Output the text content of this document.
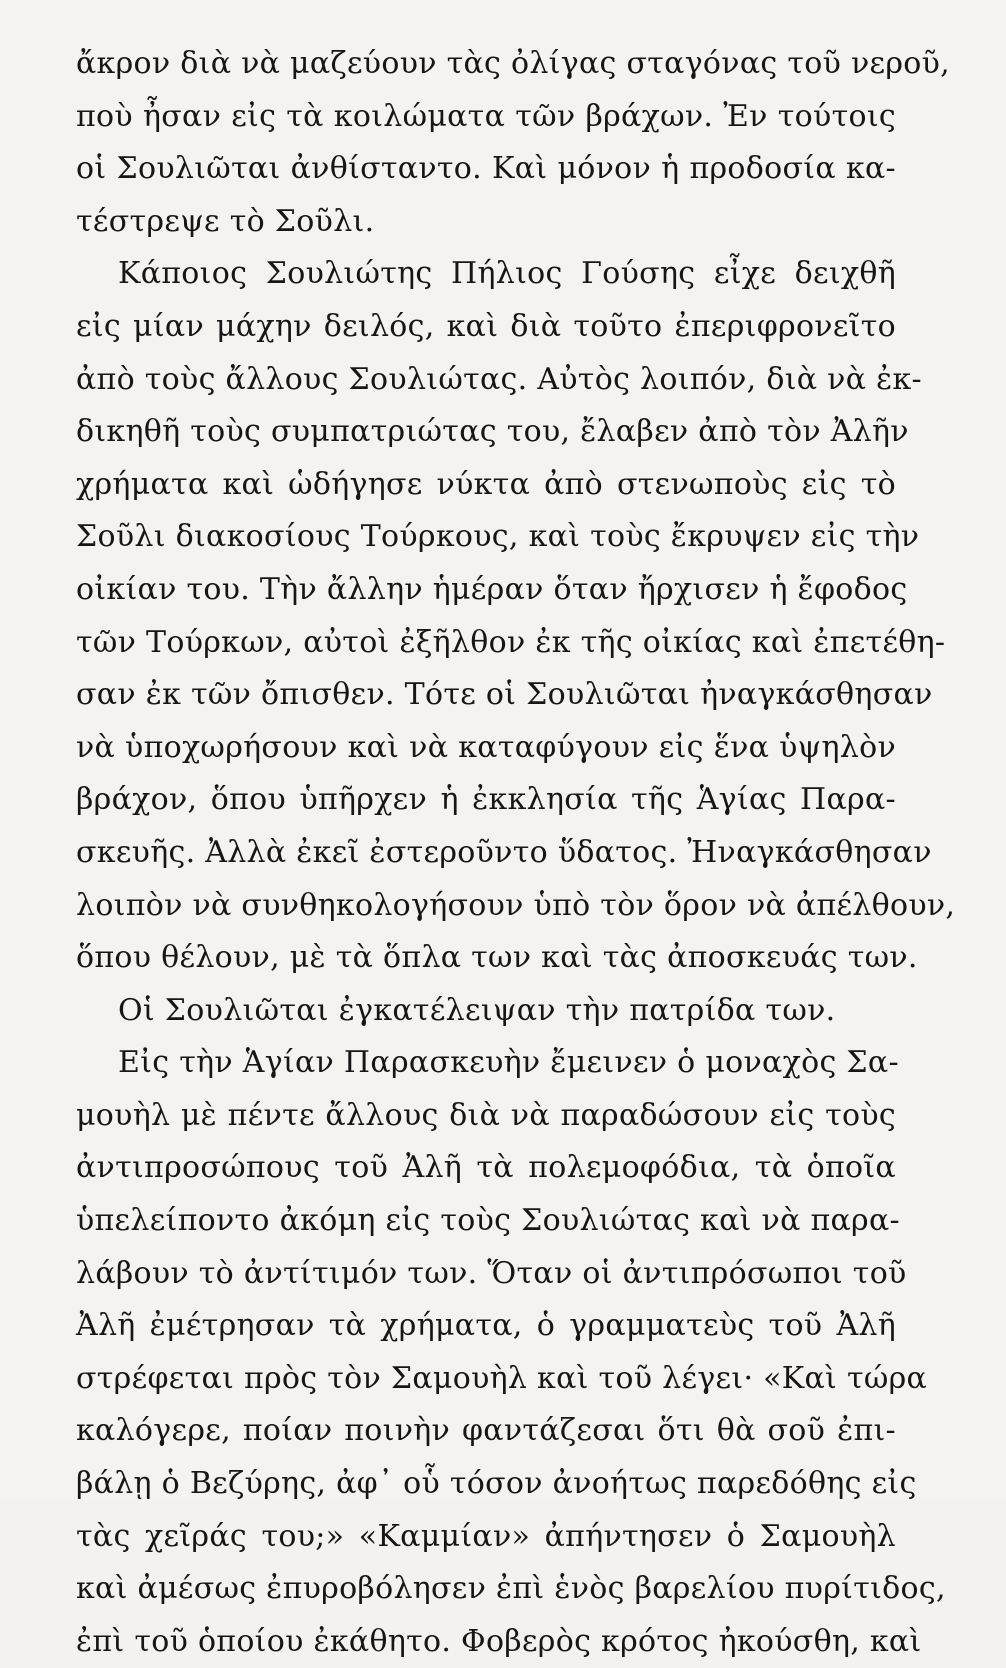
ἄκρον διὰ νὰ μαζεύουν τὰς ὀλίγας σταγόνας τοῦ νεροῦ,
ποὺ ἦσαν εἰς τὰ κοιλώματα τῶν βράχων. Ἐν τούτοις
οἱ Σουλιῶται ἀνθίσταντο. Καὶ μόνον ἡ προδοσία κα-
τέστρεψε τὸ Σοῦλι.
Κάποιος Σουλιώτης Πήλιος Γούσης εἶχε δειχθῆ
εἰς μίαν μάχην δειλός, καὶ διὰ τοῦτο ἐπεριφρονεῖτο
ἀπὸ τοὺς ἄλλους Σουλιώτας. Αὐτὸς λοιπόν, διὰ νὰ ἐκ-
δικηθῆ τοὺς συμπατριώτας του, ἔλαβεν ἀπὸ τὸν Ἀλῆν
χρήματα καὶ ὡδήγησε νύκτα ἀπὸ στενωποὺς εἰς τὸ
Σοῦλι διακοσίους Τούρκους, καὶ τοὺς ἔκρυψεν εἰς τὴν
οἰκίαν του. Τὴν ἄλλην ἡμέραν ὅταν ἤρχισεν ἡ ἔφοδος
τῶν Τούρκων, αὐτοὶ ἐξῆλθον ἐκ τῆς οἰκίας καὶ ἐπετέθη-
σαν ἐκ τῶν ὄπισθεν. Τότε οἱ Σουλιῶται ἠναγκάσθησαν
νὰ ὑποχωρήσουν καὶ νὰ καταφύγουν εἰς ἕνα ὑψηλὸν
βράχον, ὅπου ὑπῆρχεν ἡ ἐκκλησία τῆς Ἁγίας Παρα-
σκευῆς. Ἀλλὰ ἐκεῖ ἐστεροῦντο ὕδατος. Ἠναγκάσθησαν
λοιπὸν νὰ συνθηκολογήσουν ὑπὸ τὸν ὅρον νὰ ἀπέλθουν,
ὅπου θέλουν, μὲ τὰ ὅπλα των καὶ τὰς ἀποσκευάς των.
Οἱ Σουλιῶται ἐγκατέλειψαν τὴν πατρίδα των.
Εἰς τὴν Ἁγίαν Παρασκευὴν ἔμεινεν ὁ μοναχὸς Σα-
μουὴλ μὲ πέντε ἄλλους διὰ νὰ παραδώσουν εἰς τοὺς
ἀντιπροσώπους τοῦ Ἀλῆ τὰ πολεμοφόδια, τὰ ὁποῖα
ὑπελείποντο ἀκόμη εἰς τοὺς Σουλιώτας καὶ νὰ παρα-
λάβουν τὸ ἀντίτιμόν των. Ὅταν οἱ ἀντιπρόσωποι τοῦ
Ἀλῆ ἐμέτρησαν τὰ χρήματα, ὁ γραμματεὺς τοῦ Ἀλῆ
στρέφεται πρὸς τὸν Σαμουὴλ καὶ τοῦ λέγει· «Καὶ τώρα
καλόγερε, ποίαν ποινὴν φαντάζεσαι ὅτι θὰ σοῦ ἐπι-
βάλῃ ὁ Βεζύρης, ἀφ᾿ οὗ τόσον ἀνοήτως παρεδόθης εἰς
τὰς χεῖράς του;» «Καμμίαν» ἀπήντησεν ὁ Σαμουὴλ
καὶ ἀμέσως ἐπυροβόλησεν ἐπὶ ἑνὸς βαρελίου πυρίτιδος,
ἐπὶ τοῦ ὁποίου ἐκάθητο. Φοβερὸς κρότος ἠκούσθη, καὶ
